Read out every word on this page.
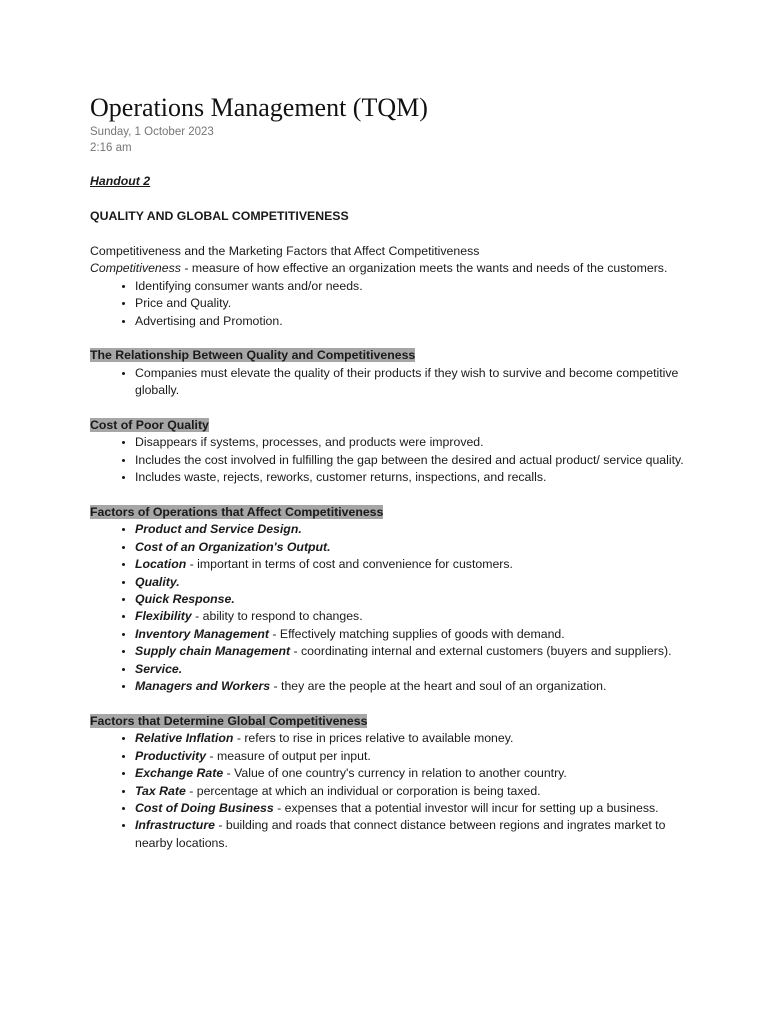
Operations Management (TQM)
Sunday, 1 October 2023
2:16 am
Handout 2
QUALITY AND GLOBAL COMPETITIVENESS
Competitiveness and the Marketing Factors that Affect Competitiveness
Competitiveness - measure of how effective an organization meets the wants and needs of the customers.
• Identifying consumer wants and/or needs.
• Price and Quality.
• Advertising and Promotion.
The Relationship Between Quality and Competitiveness
• Companies must elevate the quality of their products if they wish to survive and become competitive globally.
Cost of Poor Quality
• Disappears if systems, processes, and products were improved.
• Includes the cost involved in fulfilling the gap between the desired and actual product/ service quality.
• Includes waste, rejects, reworks, customer returns, inspections, and recalls.
Factors of Operations that Affect Competitiveness
• Product and Service Design.
• Cost of an Organization's Output.
• Location - important in terms of cost and convenience for customers.
• Quality.
• Quick Response.
• Flexibility - ability to respond to changes.
• Inventory Management - Effectively matching supplies of goods with demand.
• Supply chain Management - coordinating internal and external customers (buyers and suppliers).
• Service.
• Managers and Workers - they are the people at the heart and soul of an organization.
Factors that Determine Global Competitiveness
• Relative Inflation - refers to rise in prices relative to available money.
• Productivity - measure of output per input.
• Exchange Rate - Value of one country's currency in relation to another country.
• Tax Rate - percentage at which an individual or corporation is being taxed.
• Cost of Doing Business - expenses that a potential investor will incur for setting up a business.
• Infrastructure - building and roads that connect distance between regions and ingrates market to nearby locations.
